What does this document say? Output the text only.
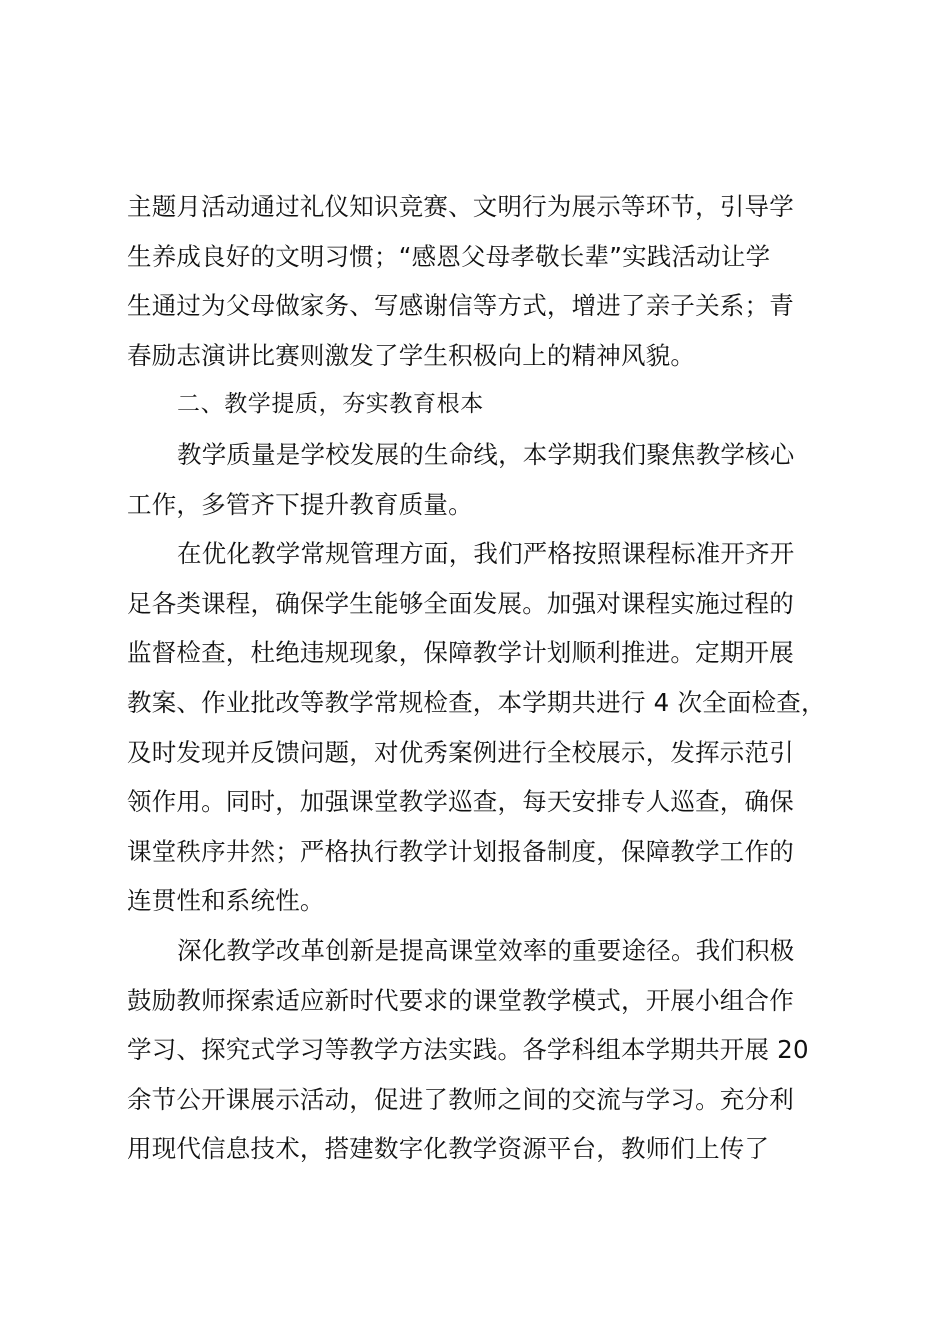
主题月活动通过礼仪知识竞赛、文明行为展示等环节，引导学
生养成良好的文明习惯；“感恩父母孝敬长辈”实践活动让学
生通过为父母做家务、写感谢信等方式，增进了亲子关系；青
春励志演讲比赛则激发了学生积极向上的精神风貌。
二、教学提质，夯实教育根本
教学质量是学校发展的生命线，本学期我们聚焦教学核心
工作，多管齐下提升教育质量。
在优化教学常规管理方面，我们严格按照课程标准开齐开
足各类课程，确保学生能够全面发展。加强对课程实施过程的
监督检查，杜绝违规现象，保障教学计划顺利推进。定期开展
教案、作业批改等教学常规检查，本学期共进行 4 次全面检查，
及时发现并反馈问题，对优秀案例进行全校展示，发挥示范引
领作用。同时，加强课堂教学巡查，每天安排专人巡查，确保
课堂秩序井然；严格执行教学计划报备制度，保障教学工作的
连贯性和系统性。
深化教学改革创新是提高课堂效率的重要途径。我们积极
鼓励教师探索适应新时代要求的课堂教学模式，开展小组合作
学习、探究式学习等教学方法实践。各学科组本学期共开展 20
余节公开课展示活动，促进了教师之间的交流与学习。充分利
用现代信息技术，搭建数字化教学资源平台，教师们上传了
